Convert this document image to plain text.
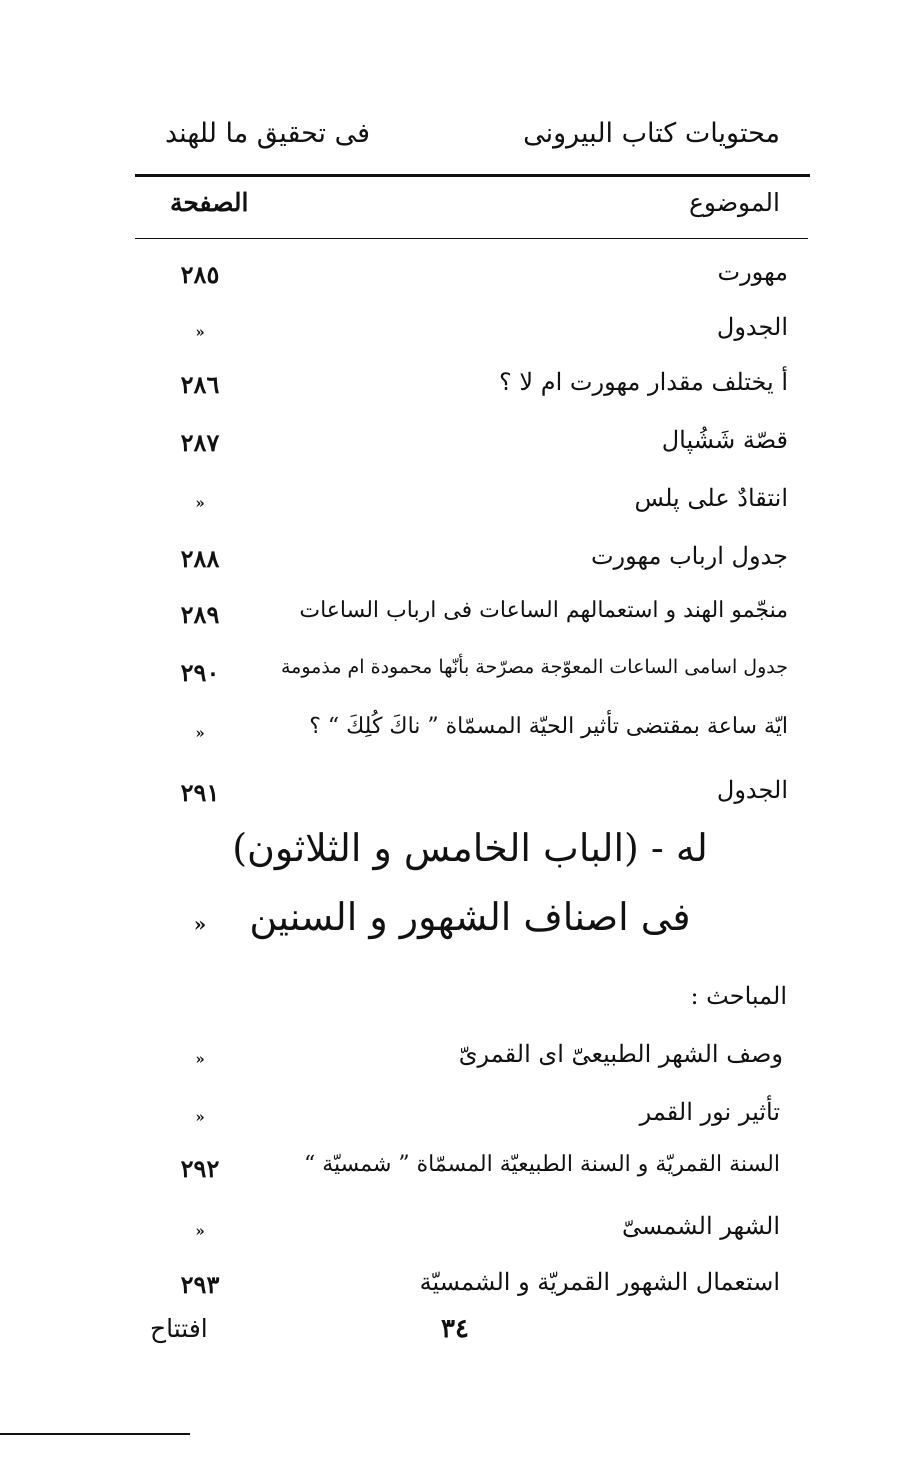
محتويات كتاب البيرونى
فى تحقيق ما للهند
الموضوع
الصفحة
مهورت
٢٨٥
الجدول
»
أ يختلف مقدار مهورت ام لا ؟
٢٨٦
قصّة شَشُپال
٢٨٧
انتقادٌ على پلس
»
جدول ارباب مهورت
٢٨٨
منجّمو الهند و استعمالهم الساعات فى ارباب الساعات
٢٨٩
جدول اسامى الساعات المعوّجة مصرّحة بأنّها محمودة ام مذمومة
٢٩٠
ايّة ساعة بمقتضى تأثير الحيّة المسمّاة ” ناكَ كُلِكَ “ ؟
»
الجدول
٢٩١
له - (الباب الخامس و الثلاثون)
فى اصناف الشهور و السنين
»
المباحث :
وصف الشهر الطبيعىّ اى القمرىّ
»
تأثير نور القمر
»
السنة القمريّة و السنة الطبيعيّة المسمّاة ” شمسيّة “
٢٩٢
الشهر الشمسىّ
»
استعمال الشهور القمريّة و الشمسيّة
٢٩٣
٣٤
افتتاح
